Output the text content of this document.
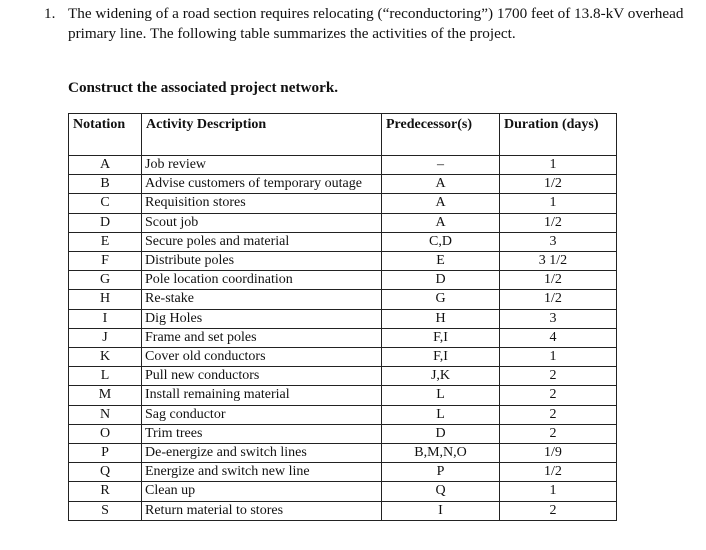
1. The widening of a road section requires relocating (“reconductoring”) 1700 feet of 13.8-kV overhead primary line. The following table summarizes the activities of the project.
Construct the associated project network.
Notation	Activity Description	Predecessor(s)	Duration (days)
A	Job review	–	1
B	Advise customers of temporary outage	A	1/2
C	Requisition stores	A	1
D	Scout job	A	1/2
E	Secure poles and material	C,D	3
F	Distribute poles	E	3 1/2
G	Pole location coordination	D	1/2
H	Re-stake	G	1/2
I	Dig Holes	H	3
J	Frame and set poles	F,I	4
K	Cover old conductors	F,I	1
L	Pull new conductors	J,K	2
M	Install remaining material	L	2
N	Sag conductor	L	2
O	Trim trees	D	2
P	De-energize and switch lines	B,M,N,O	1/9
Q	Energize and switch new line	P	1/2
R	Clean up	Q	1
S	Return material to stores	I	2
